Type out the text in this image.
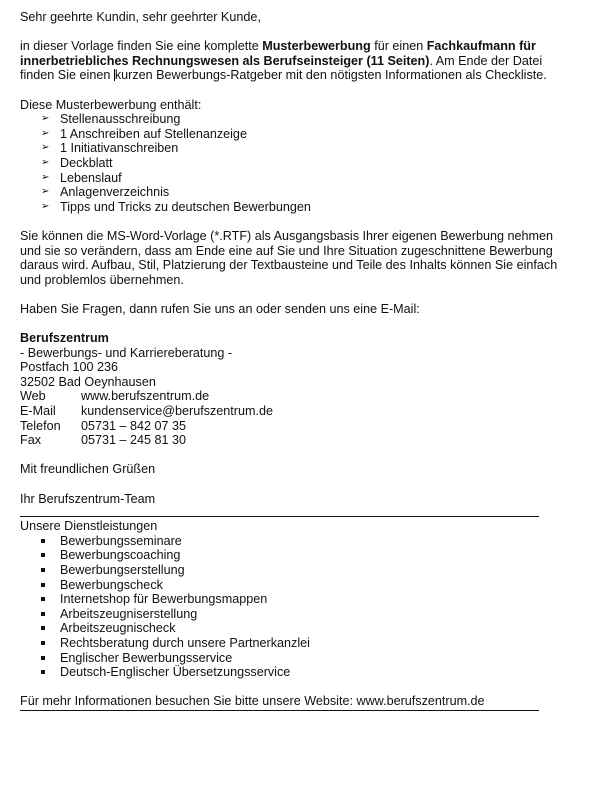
Sehr geehrte Kundin, sehr geehrter Kunde,

in dieser Vorlage finden Sie eine komplette Musterbewerbung für einen Fachkaufmann für innerbetriebliches Rechnungswesen als Berufseinsteiger (11 Seiten). Am Ende der Datei finden Sie einen kurzen Bewerbungs-Ratgeber mit den nötigsten Informationen als Checkliste.

Diese Musterbewerbung enthält:

➢ Stellenausschreibung
➢ 1 Anschreiben auf Stellenanzeige
➢ 1 Initiativanschreiben
➢ Deckblatt
➢ Lebenslauf
➢ Anlagenverzeichnis
➢ Tipps und Tricks zu deutschen Bewerbungen

Sie können die MS-Word-Vorlage (*.RTF) als Ausgangsbasis Ihrer eigenen Bewerbung nehmen und sie so verändern, dass am Ende eine auf Sie und Ihre Situation zugeschnittene Bewerbung daraus wird. Aufbau, Stil, Platzierung der Textbausteine und Teile des Inhalts können Sie einfach und problemlos übernehmen.

Haben Sie Fragen, dann rufen Sie uns an oder senden uns eine E-Mail:

Berufszentrum

- Bewerbungs- und Karriereberatung -

Postfach 100 236

32502 Bad Oeynhausen

Web	www.berufszentrum.de
E-Mail	kundenservice@berufszentrum.de
Telefon	05731 – 842 07 35
Fax	05731 – 245 81 30

Mit freundlichen Grüßen

Ihr Berufszentrum-Team

Unsere Dienstleistungen

Bewerbungsseminare
Bewerbungscoaching
Bewerbungserstellung
Bewerbungscheck
Internetshop für Bewerbungsmappen
Arbeitszeugniserstellung
Arbeitszeugnischeck
Rechtsberatung durch unsere Partnerkanzlei
Englischer Bewerbungsservice
Deutsch-Englischer Übersetzungsservice

Für mehr Informationen besuchen Sie bitte unsere Website: www.berufszentrum.de
